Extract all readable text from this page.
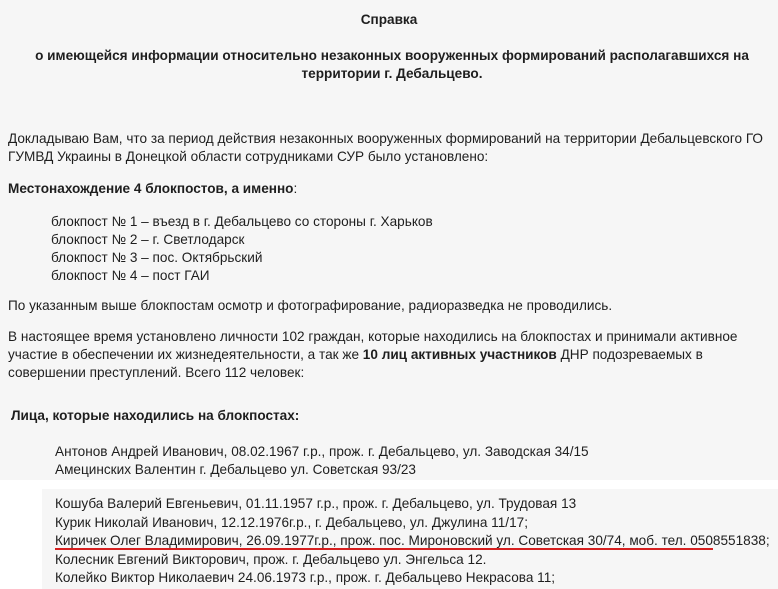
Справка
о имеющейся информации относительно незаконных вооруженных формирований располагавшихся на территории г. Дебальцево.
Докладываю Вам, что за период действия незаконных вооруженных формирований на территории Дебальцевского ГО ГУМВД Украины в Донецкой области сотрудниками СУР было установлено:
Местонахождение 4 блокпостов, а именно:
блокпост № 1 – въезд в г. Дебальцево со стороны г. Харьков
блокпост № 2 – г. Светлодарск
блокпост № 3 – пос. Октябрьский
блокпост № 4 – пост ГАИ
По указанным выше блокпостам осмотр и фотографирование, радиоразведка не проводились.
В настоящее время установлено личности 102 граждан, которые находились на блокпостах и принимали активное участие в обеспечении их жизнедеятельности, а так же 10 лиц активных участников ДНР подозреваемых в совершении преступлений. Всего 112 человек:
Лица, которые находились на блокпостах:
Антонов Андрей Иванович, 08.02.1967 г.р., прож. г. Дебальцево, ул. Заводская 34/15
Амецинских Валентин г. Дебальцево ул. Советская 93/23
Кошуба Валерий Евгеньевич, 01.11.1957 г.р., прож. г. Дебальцево, ул. Трудовая 13
Курик Николай Иванович, 12.12.1976г.р., г. Дебальцево, ул. Джулина 11/17;
Киричек Олег Владимирович, 26.09.1977г.р., прож. пос. Мироновский ул. Советская 30/74, моб. тел. 0508551838;
Колесник Евгений Викторович, прож. г. Дебальцево ул. Энгельса 12.
Колейко Виктор Николаевич 24.06.1973 г.р., прож. г. Дебальцево Некрасова 11;
